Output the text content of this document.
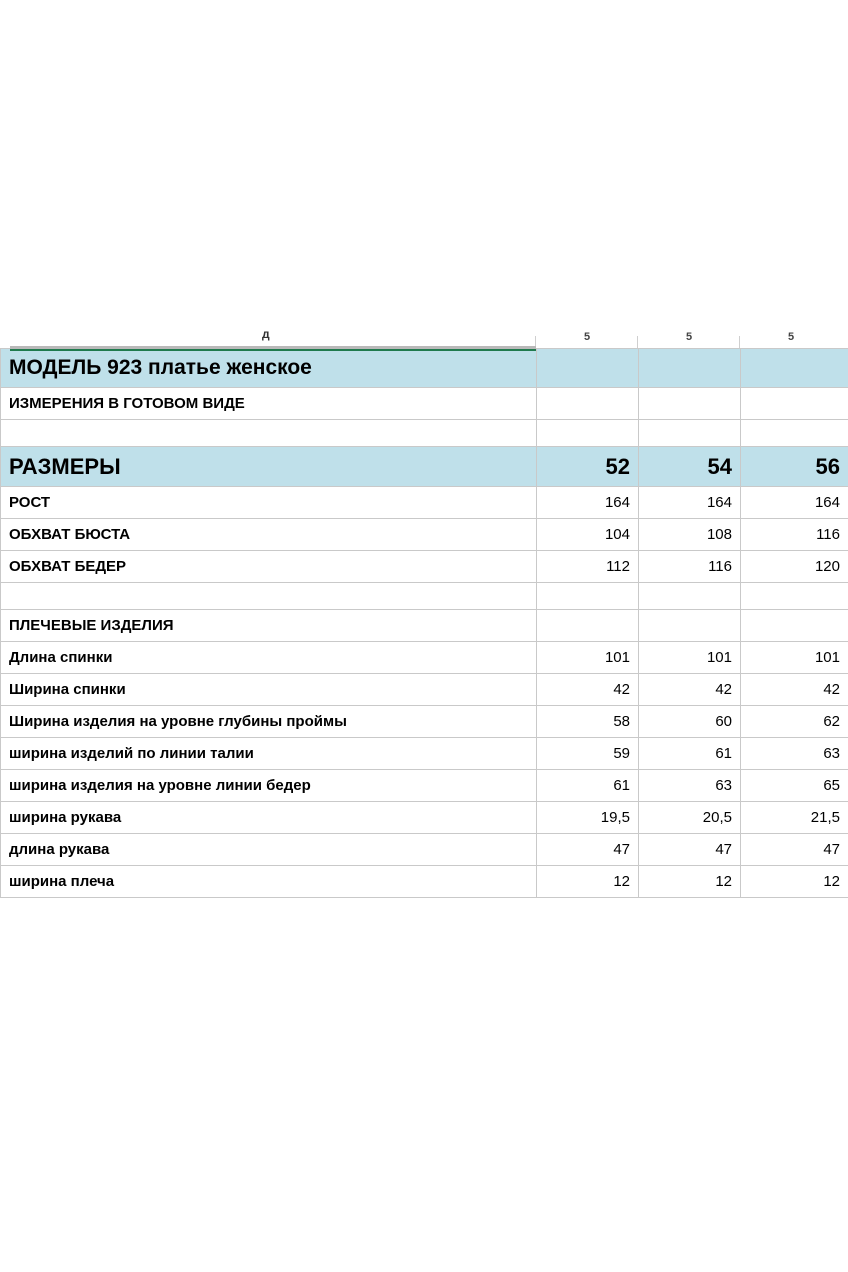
д	$^5$	$^5$	$^5$
МОДЕЛЬ 923 платье женское			
ИЗМЕРЕНИЯ В ГОТОВОМ ВИДЕ			

РАЗМЕРЫ	52	54	56
РОСТ	164	164	164
ОБХВАТ БЮСТА	104	108	116
ОБХВАТ БЕДЕР	112	116	120

ПЛЕЧЕВЫЕ ИЗДЕЛИЯ			
Длина спинки	101	101	101
Ширина спинки	42	42	42
Ширина изделия на уровне глубины проймы	58	60	62
ширина изделий по линии талии	59	61	63
ширина изделия на уровне линии бедер	61	63	65
ширина рукава	19,5	20,5	21,5
длина рукава	47	47	47
ширина плеча	12	12	12
